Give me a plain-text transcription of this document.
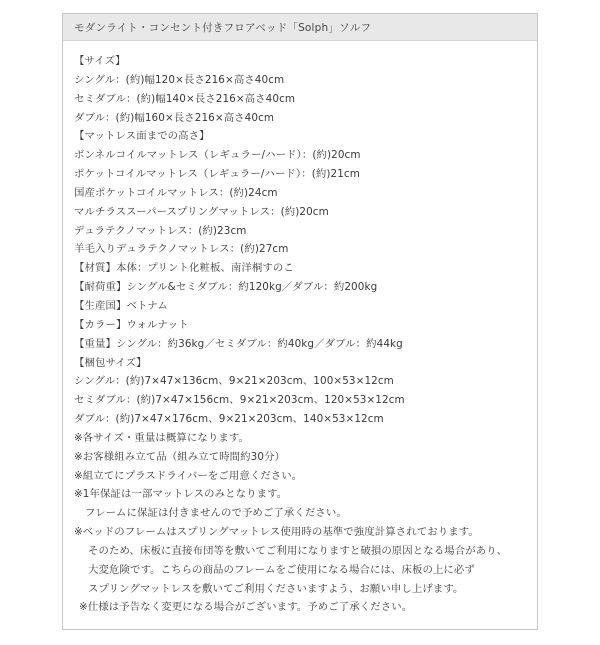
モダンライト・コンセント付きフロアベッド「Solph」ソルフ
【サイズ】
シングル：(約)幅120×長さ216×高さ40cm
セミダブル：(約)幅140×長さ216×高さ40cm
ダブル：(約)幅160×長さ216×高さ40cm
【マットレス面までの高さ】
ボンネルコイルマットレス（レギュラー/ハード）：(約)20cm
ポケットコイルマットレス（レギュラー/ハード）：(約)21cm
国産ポケットコイルマットレス：(約)24cm
マルチラススーパースプリングマットレス：(約)20cm
デュラテクノマットレス：(約)23cm
羊毛入りデュラテクノマットレス：(約)27cm
【材質】本体：プリント化粧板、南洋桐すのこ
【耐荷重】シングル&セミダブル：約120kg／ダブル：約200kg
【生産国】ベトナム
【カラー】ウォルナット
【重量】シングル：約36kg／セミダブル：約40kg／ダブル：約44kg
【梱包サイズ】
シングル：(約)7×47×136cm、9×21×203cm、100×53×12cm
セミダブル：(約)7×47×156cm、9×21×203cm、120×53×12cm
ダブル：(約)7×47×176cm、9×21×203cm、140×53×12cm
※各サイズ・重量は概算になります。
※お客様組み立て品（組み立て時間約30分）
※組立てにプラスドライバーをご用意ください。
※1年保証は一部マットレスのみとなります。
フレームに保証は付きませんので予めご了承ください。
※ベッドのフレームはスプリングマットレス使用時の基準で強度計算されております。
そのため、床板に直接布団等を敷いてご利用になりますと破損の原因となる場合があり、
大変危険です。こちらの商品のフレームをご使用になる場合には、床板の上に必ず
スプリングマットレスを敷いてご利用くださいますよう、お願い申し上げます。
※仕様は予告なく変更になる場合がございます。予めご了承ください。
